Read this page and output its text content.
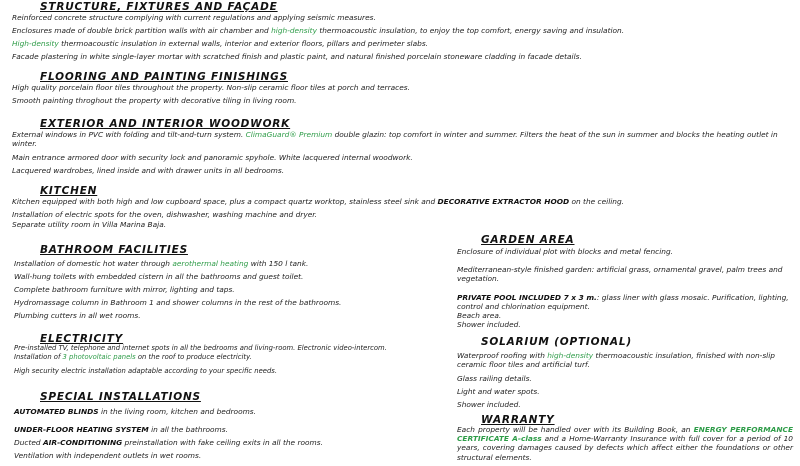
STRUCTURE, FIXTURES AND FAÇADE

Reinforced concrete structure complying with current regulations and applying seismic measures.

Enclosures made of double brick partition walls with air chamber and high-density thermoacoustic insulation, to enjoy the top comfort, energy saving and insulation.

High-density thermoacoustic insulation in external walls, interior and exterior floors, pillars and perimeter slabs.

Facade plastering in white single-layer mortar with scratched finish and plastic paint, and natural finished porcelain stoneware cladding in facade details.

FLOORING AND PAINTING FINISHINGS

High quality porcelain floor tiles throughout the property. Non-slip ceramic floor tiles at porch and terraces.

Smooth painting throghout the property with decorative tiling in living room.

EXTERIOR AND INTERIOR WOODWORK

External windows in PVC with folding and tilt-and-turn system. ClimaGuard® Premium double glazin: top comfort in winter and summer. Filters the heat of the sun in summer and blocks the heating outlet in winter.

Main entrance armored door with security lock and panoramic spyhole. White lacquered internal woodwork.

Lacquered wardrobes, lined inside and with drawer units in all bedrooms.

KITCHEN

Kitchen equipped with both high and low cupboard space, plus a compact quartz worktop, stainless steel sink and DECORATIVE EXTRACTOR HOOD on the ceiling.

Installation of electric spots for the oven, dishwasher, washing machine and dryer.

Separate utility room in Villa Marina Baja.

BATHROOM FACILITIES

Installation of domestic hot water through aerothermal heating with 150 l tank.

Wall-hung toilets with embedded cistern in all the bathrooms and guest toilet.

Complete bathroom furniture with mirror, lighting and taps.

Hydromassage column in Bathroom 1 and shower columns in the rest of the bathrooms.

Plumbing cutters in all wet rooms.

ELECTRICITY

Pre-installed TV, telephone and internet spots in all the bedrooms and living-room. Electronic video-intercom.

Installation of 3 photovoltaic panels on the roof to produce electricity.

High security electric installation adaptable according to your specific needs.

SPECIAL INSTALLATIONS

AUTOMATED BLINDS in the living room, kitchen and bedrooms.

UNDER-FLOOR HEATING SYSTEM in all the bathrooms.

Ducted AIR-CONDITIONING preinstallation with fake ceiling exits in all the rooms.

Ventilation with independent outlets in wet rooms.

GARDEN AREA

Enclosure of individual plot with blocks and metal fencing.

Mediterranean-style finished garden: artificial grass, ornamental gravel, palm trees and vegetation.

PRIVATE POOL INCLUDED 7 x 3 m.: glass liner with glass mosaic. Purification, lighting, control and chlorination equipment.

Beach area.

Shower included.

SOLARIUM (OPTIONAL)

Waterproof roofing with high-density thermoacoustic insulation, finished with non-slip ceramic floor tiles and artificial turf.

Glass railing details.

Light and water spots.

Shower included.

WARRANTY

Each property will be handled over with its Building Book, an ENERGY PERFORMANCE CERTIFICATE A-class and a Home-Warranty Insurance with full cover for a period of 10 years, covering damages caused by defects which affect either the foundations or other structural elements.
